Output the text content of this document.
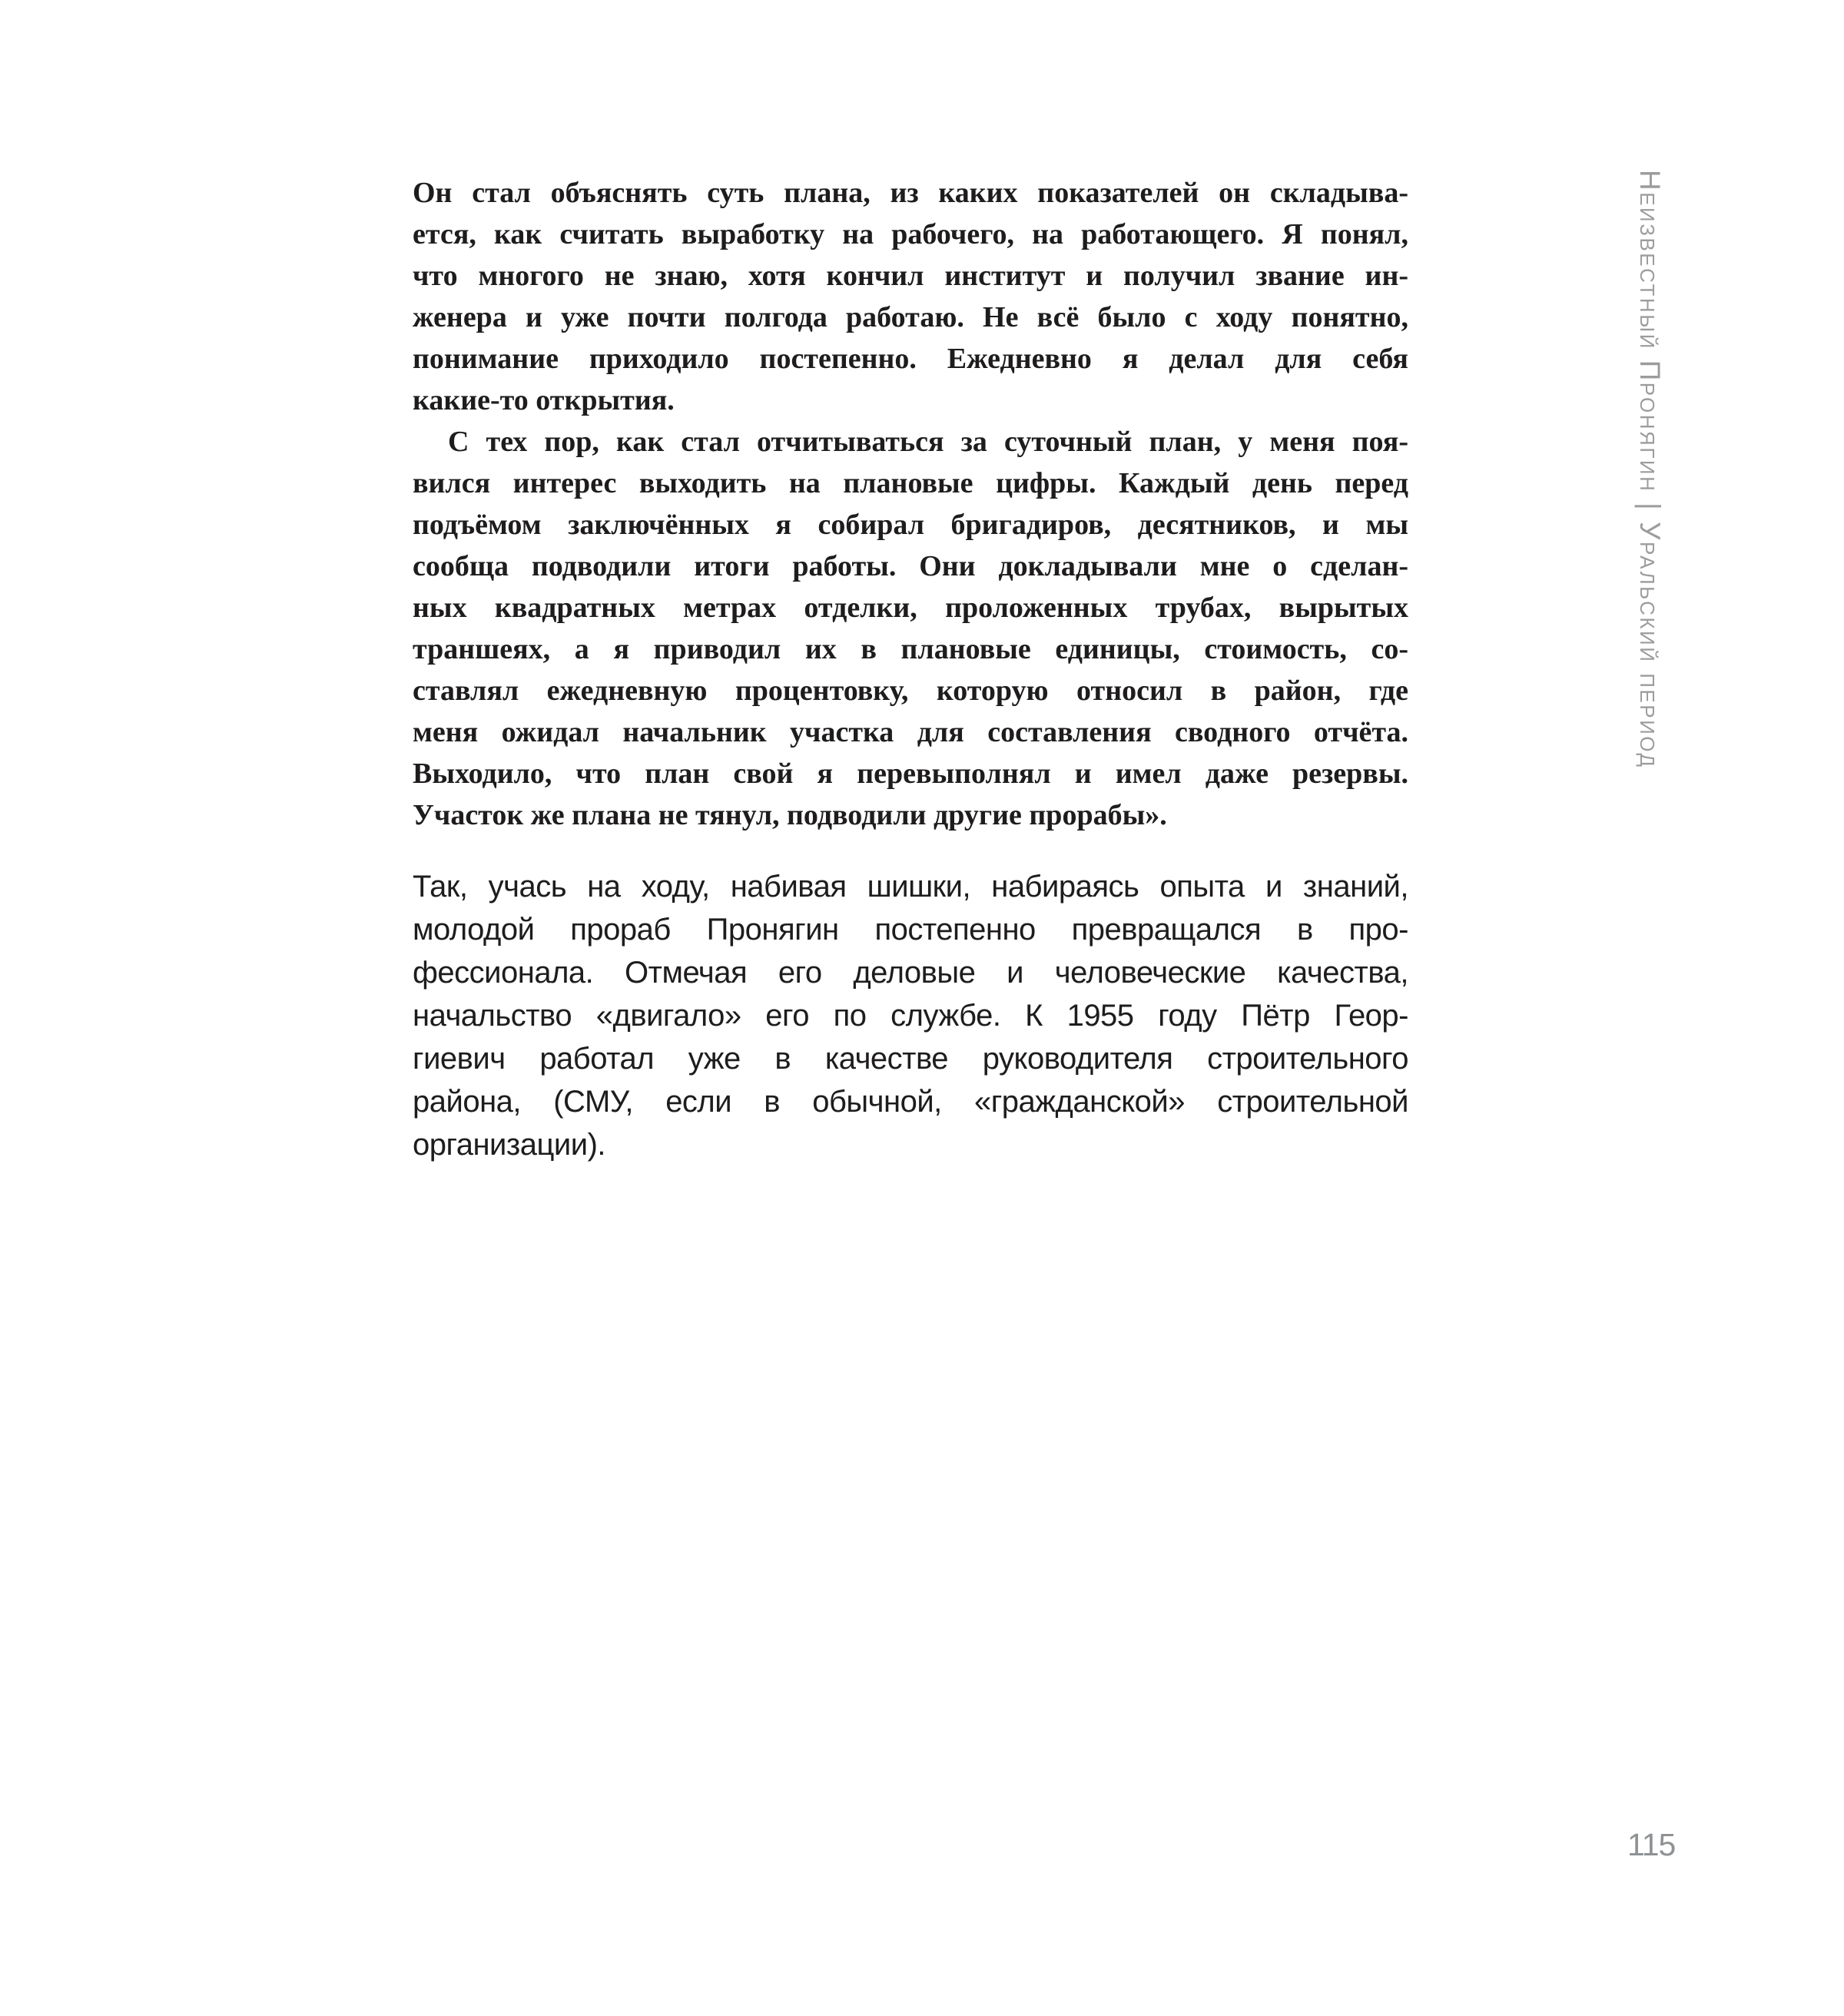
Он стал объяснять суть плана, из каких показателей он складыва-
ется, как считать выработку на рабочего, на работающего. Я понял,
что многого не знаю, хотя кончил институт и получил звание ин-
женера и уже почти полгода работаю. Не всё было с ходу понятно,
понимание приходило постепенно. Ежедневно я делал для себя
какие-то открытия.
С тех пор, как стал отчитываться за суточный план, у меня поя-
вился интерес выходить на плановые цифры. Каждый день перед
подъёмом заключённых я собирал бригадиров, десятников, и мы
сообща подводили итоги работы. Они докладывали мне о сделан-
ных квадратных метрах отделки, проложенных трубах, вырытых
траншеях, а я приводил их в плановые единицы, стоимость, со-
ставлял ежедневную процентовку, которую относил в район, где
меня ожидал начальник участка для составления сводного отчёта.
Выходило, что план свой я перевыполнял и имел даже резервы.
Участок же плана не тянул, подводили другие прорабы».
Так, учась на ходу, набивая шишки, набираясь опыта и знаний,
молодой прораб Пронягин постепенно превращался в про-
фессионала. Отмечая его деловые и человеческие качества,
начальство «двигало» его по службе. К 1955 году Пётр Геор-
гиевич работал уже в качестве руководителя строительного
района, (СМУ, если в обычной, «гражданской» строительной
организации).
Неизвестный Пронягин | Уральский период
115
